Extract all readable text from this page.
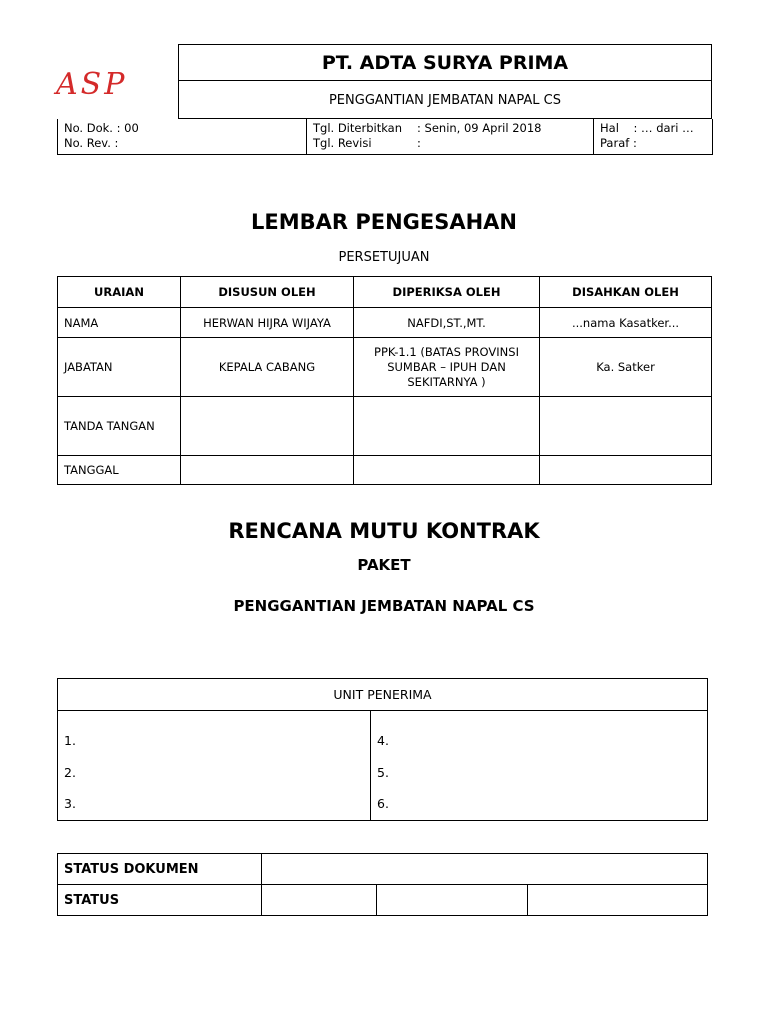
ASP
PT. ADTA SURYA PRIMA
PENGGANTIAN JEMBATAN NAPAL CS
No. Dok. : 00
No. Rev. :

Tgl. Diterbitkan : Senin, 09 April 2018
Tgl. Revisi	:

Hal    : … dari …
Paraf :
LEMBAR PENGESAHAN
PERSETUJUAN
URAIAN	DISUSUN OLEH	DIPERIKSA OLEH	DISAHKAN OLEH
NAMA	HERWAN HIJRA WIJAYA	NAFDI,ST.,MT.	...nama Kasatker...
JABATAN	KEPALA CABANG	PPK-1.1 (BATAS PROVINSI SUMBAR – IPUH DAN SEKITARNYA )	Ka. Satker
TANDA TANGAN			
TANGGAL			
RENCANA MUTU KONTRAK
PAKET
PENGGANTIAN JEMBATAN NAPAL CS
UNIT PENERIMA

1.
2.
3.

4.
5.
6.
STATUS DOKUMEN			
STATUS			
